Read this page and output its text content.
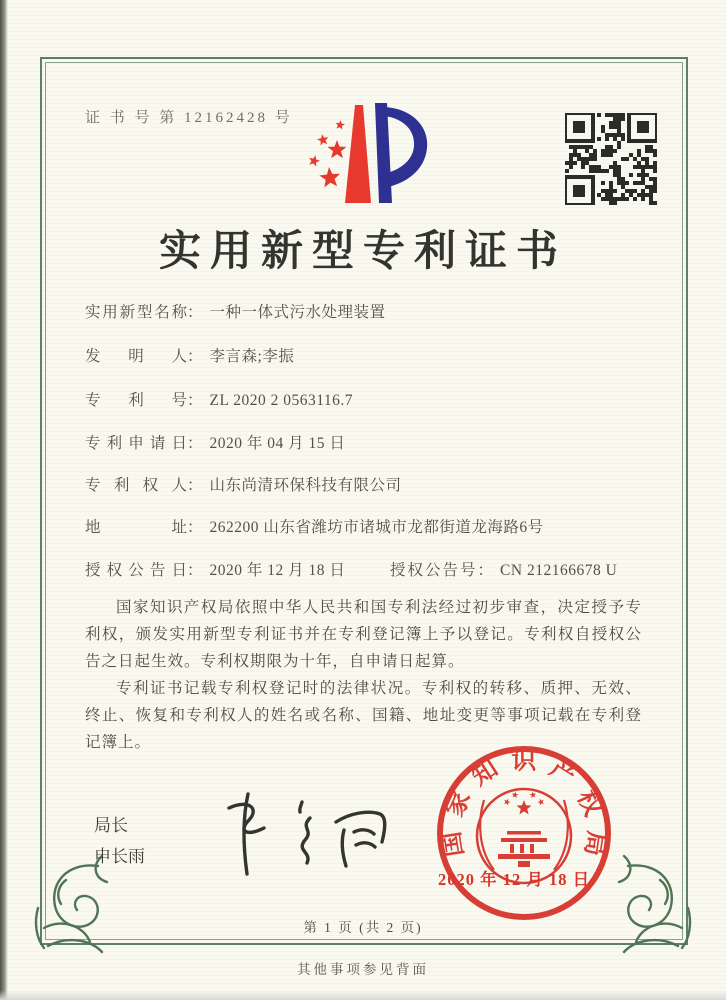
证 书 号 第 12162428 号
实用新型专利证书
实用新型名称： 一种一体式污水处理装置
发明人： 李言森;李振
专利号： ZL 2020 2 0563116.7
专利申请日： 2020 年 04 月 15 日
专利权人： 山东尚清环保科技有限公司
地址： 262200 山东省潍坊市诸城市龙都街道龙海路6号
授权公告日： 2020 年 12 月 18 日	授权公告号： CN 212166678 U

国家知识产权局依照中华人民共和国专利法经过初步审查，决定授予专利权，颁发实用新型专利证书并在专利登记簿上予以登记。专利权自授权公告之日起生效。专利权期限为十年，自申请日起算。

专利证书记载专利权登记时的法律状况。专利权的转移、质押、无效、终止、恢复和专利权人的姓名或名称、国籍、地址变更等事项记载在专利登记簿上。

局长
申长雨	国家知识产权局
2020 年 12 月 18 日
第 1 页 (共 2 页)
其他事项参见背面
